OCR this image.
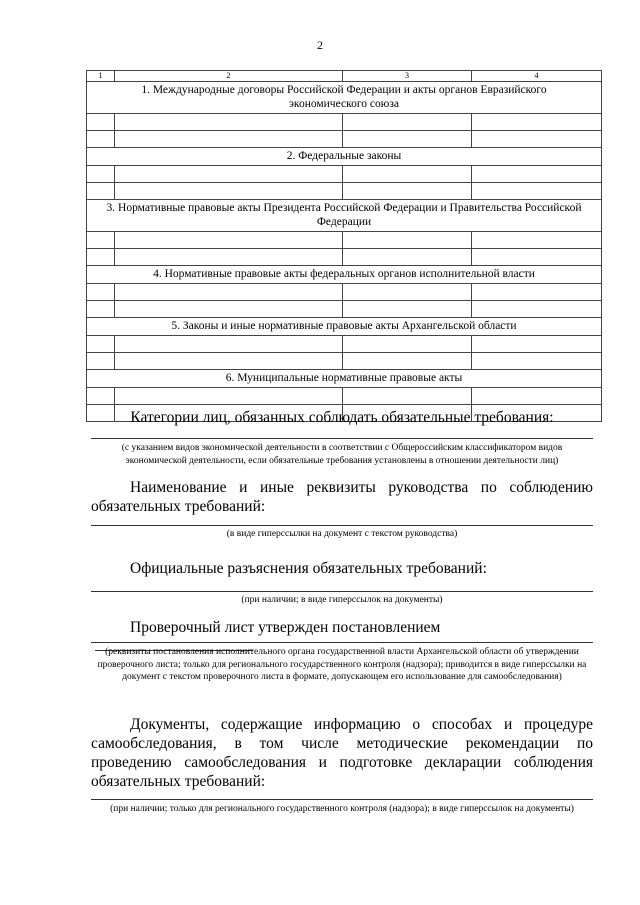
2
1	2	3	4

1. Международные договоры Российской Федерации и акты органов Евразийского экономического союза			

2. Федеральные законы			

3. Нормативные правовые акты Президента Российской Федерации и Правительства Российской Федерации			

4. Нормативные правовые акты федеральных органов исполнительной власти			

5. Законы и иные нормативные правовые акты Архангельской области			

6. Муниципальные нормативные правовые акты			

Категории лиц, обязанных соблюдать обязательные требования:
(с указанием видов экономической деятельности в соответствии с Общероссийским классификатором видов экономической деятельности, если обязательные требования установлены в отношении деятельности лиц)
Наименование и иные реквизиты руководства по соблюдению обязательных требований:
(в виде гиперссылки на документ с текстом руководства)
Официальные разъяснения обязательных требований:
(при наличии; в виде гиперссылок на документы)
Проверочный лист утвержден постановлением
(реквизиты постановления исполнительного органа государственной власти Архангельской области об утверждении проверочного листа; только для регионального государственного контроля (надзора); приводится в виде гиперссылки на документ с текстом проверочного листа в формате, допускающем его использование для самообследования)
Документы, содержащие информацию о способах и процедуре самообследования, в том числе методические рекомендации по проведению самообследования и подготовке декларации соблюдения обязательных требований:
(при наличии; только для регионального государственного контроля (надзора); в виде гиперссылок на документы)
